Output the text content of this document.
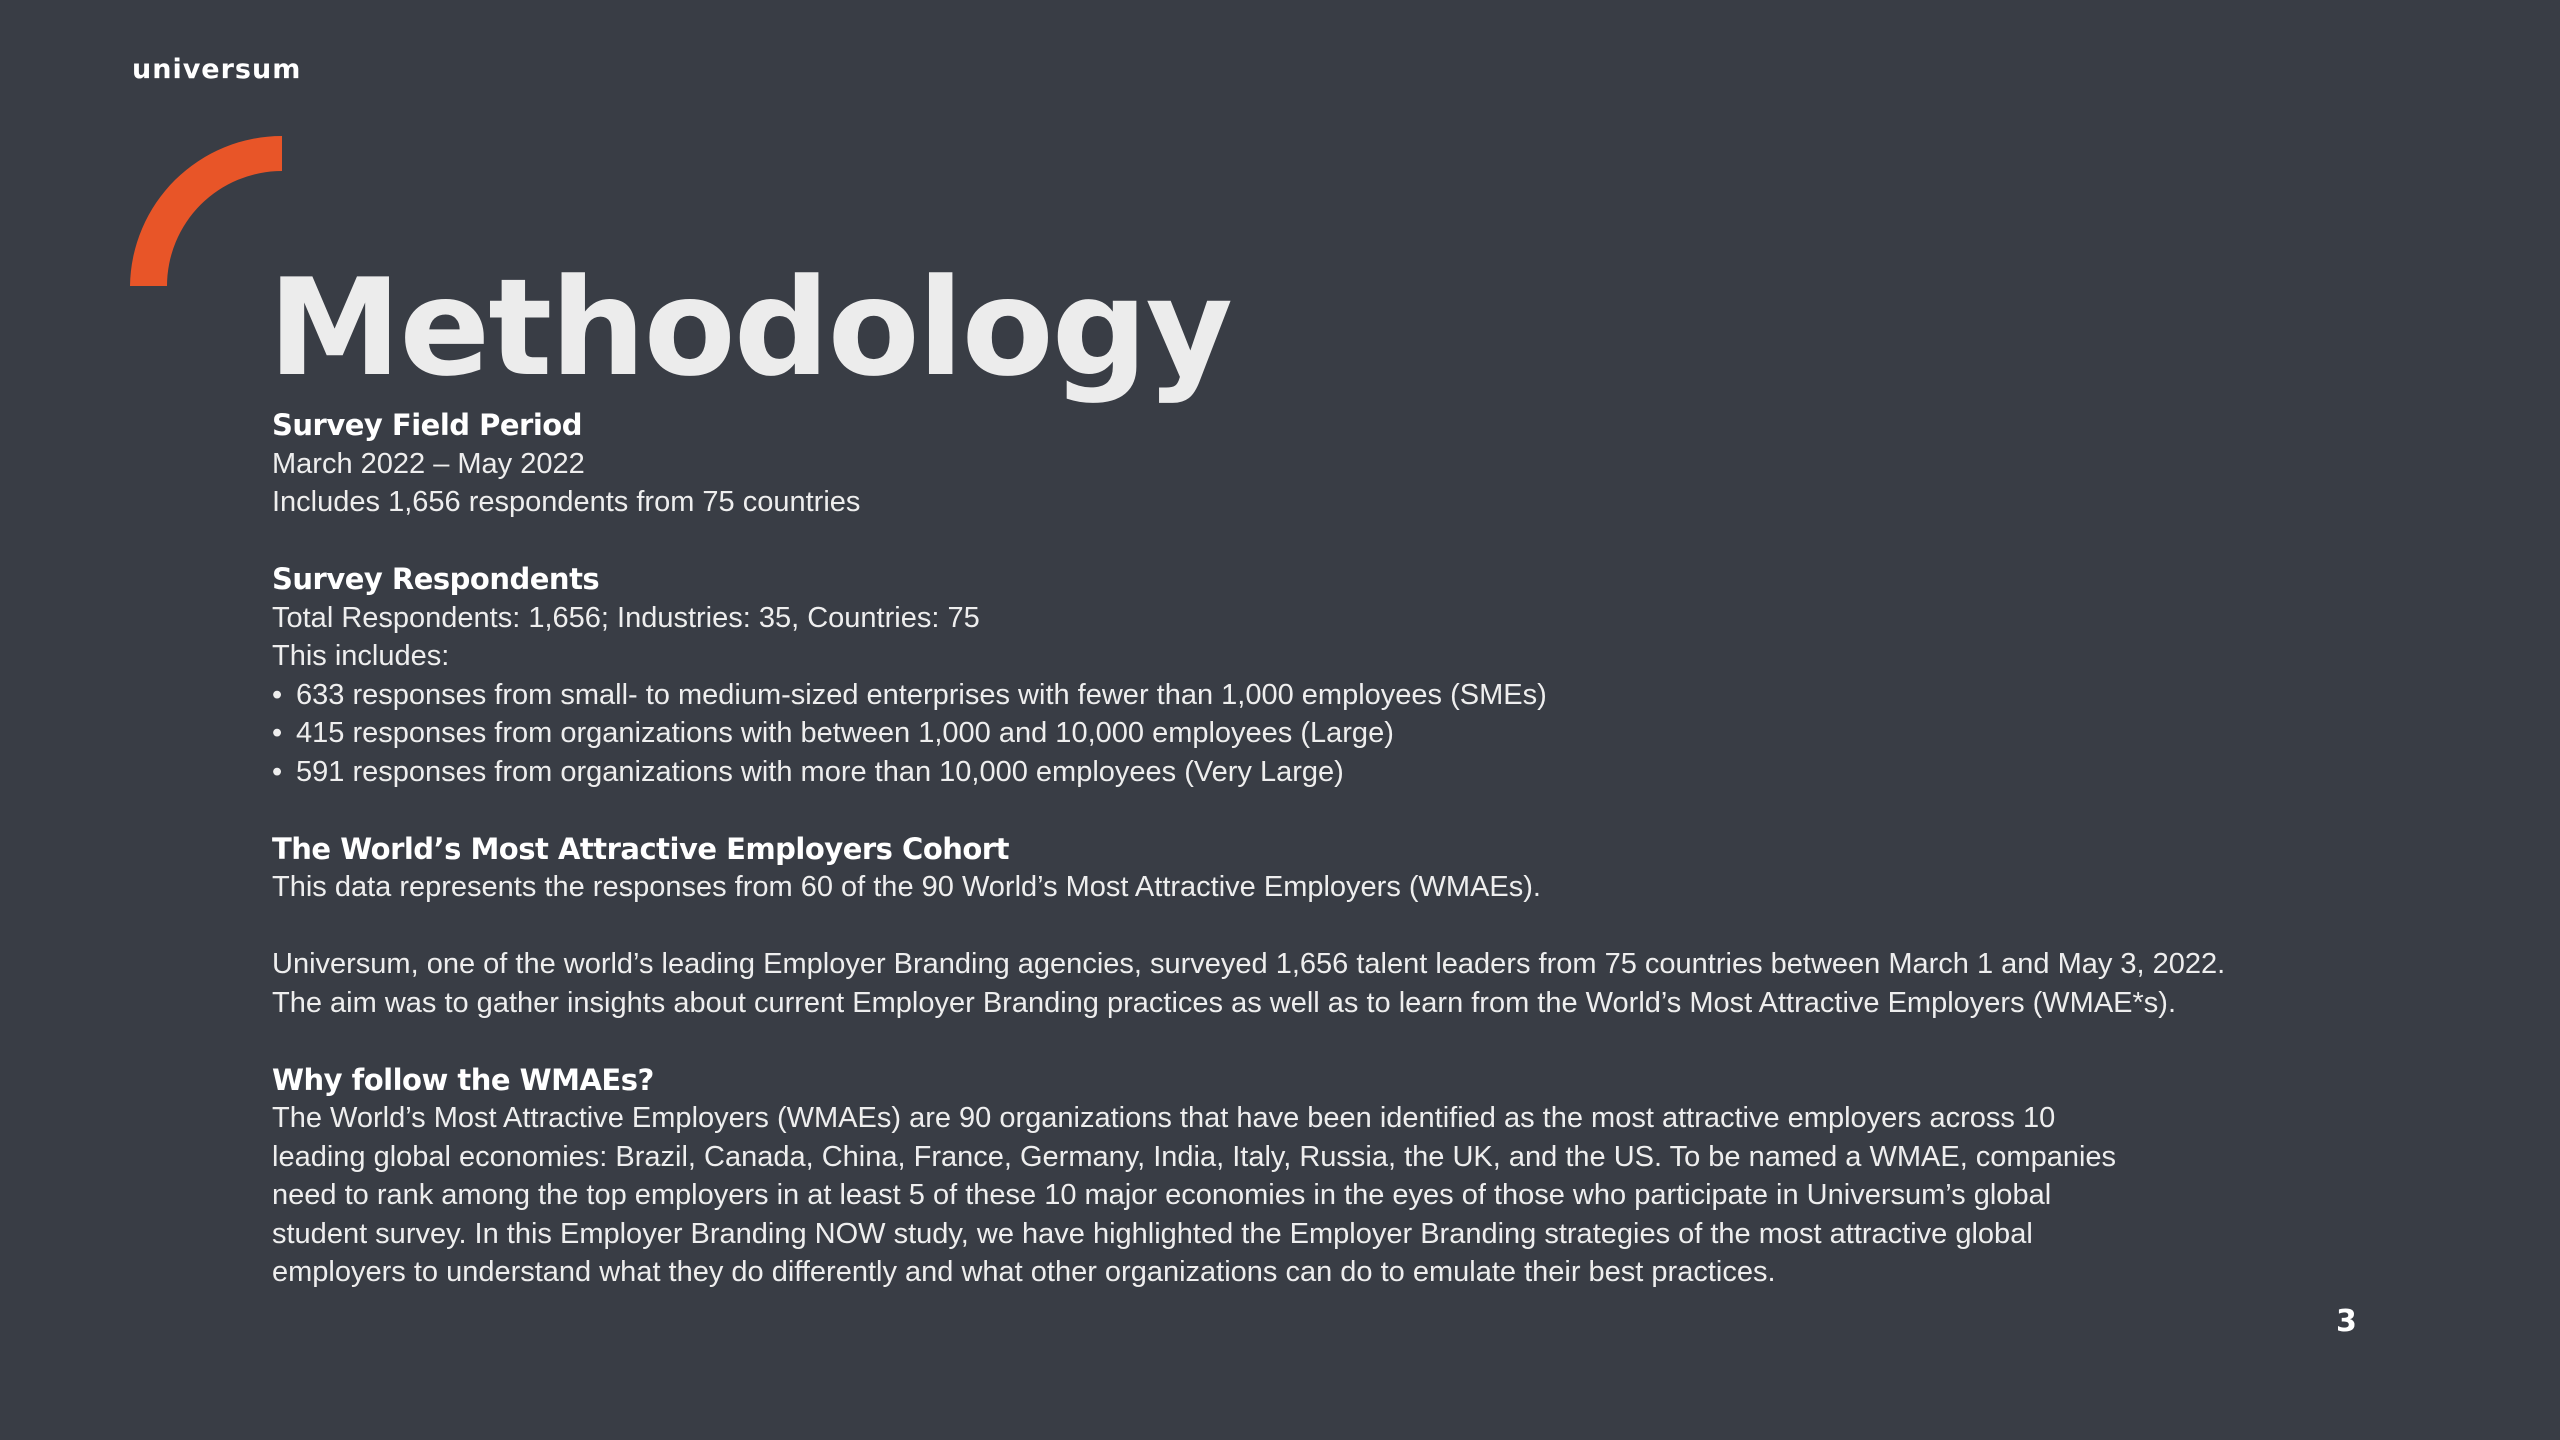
universum
Methodology
Survey Field Period
March 2022 – May 2022
Includes 1,656 respondents from 75 countries
Survey Respondents
Total Respondents: 1,656; Industries: 35, Countries: 75
This includes:
• 633 responses from small- to medium-sized enterprises with fewer than 1,000 employees (SMEs)
• 415 responses from organizations with between 1,000 and 10,000 employees (Large)
• 591 responses from organizations with more than 10,000 employees (Very Large)
The World’s Most Attractive Employers Cohort
This data represents the responses from 60 of the 90 World’s Most Attractive Employers (WMAEs).
Universum, one of the world’s leading Employer Branding agencies, surveyed 1,656 talent leaders from 75 countries between March 1 and May 3, 2022.
The aim was to gather insights about current Employer Branding practices as well as to learn from the World’s Most Attractive Employers (WMAE*s).
Why follow the WMAEs?
The World’s Most Attractive Employers (WMAEs) are 90 organizations that have been identified as the most attractive employers across 10 leading global economies: Brazil, Canada, China, France, Germany, India, Italy, Russia, the UK, and the US. To be named a WMAE, companies need to rank among the top employers in at least 5 of these 10 major economies in the eyes of those who participate in Universum’s global student survey. In this Employer Branding NOW study, we have highlighted the Employer Branding strategies of the most attractive global employers to understand what they do differently and what other organizations can do to emulate their best practices.
3
